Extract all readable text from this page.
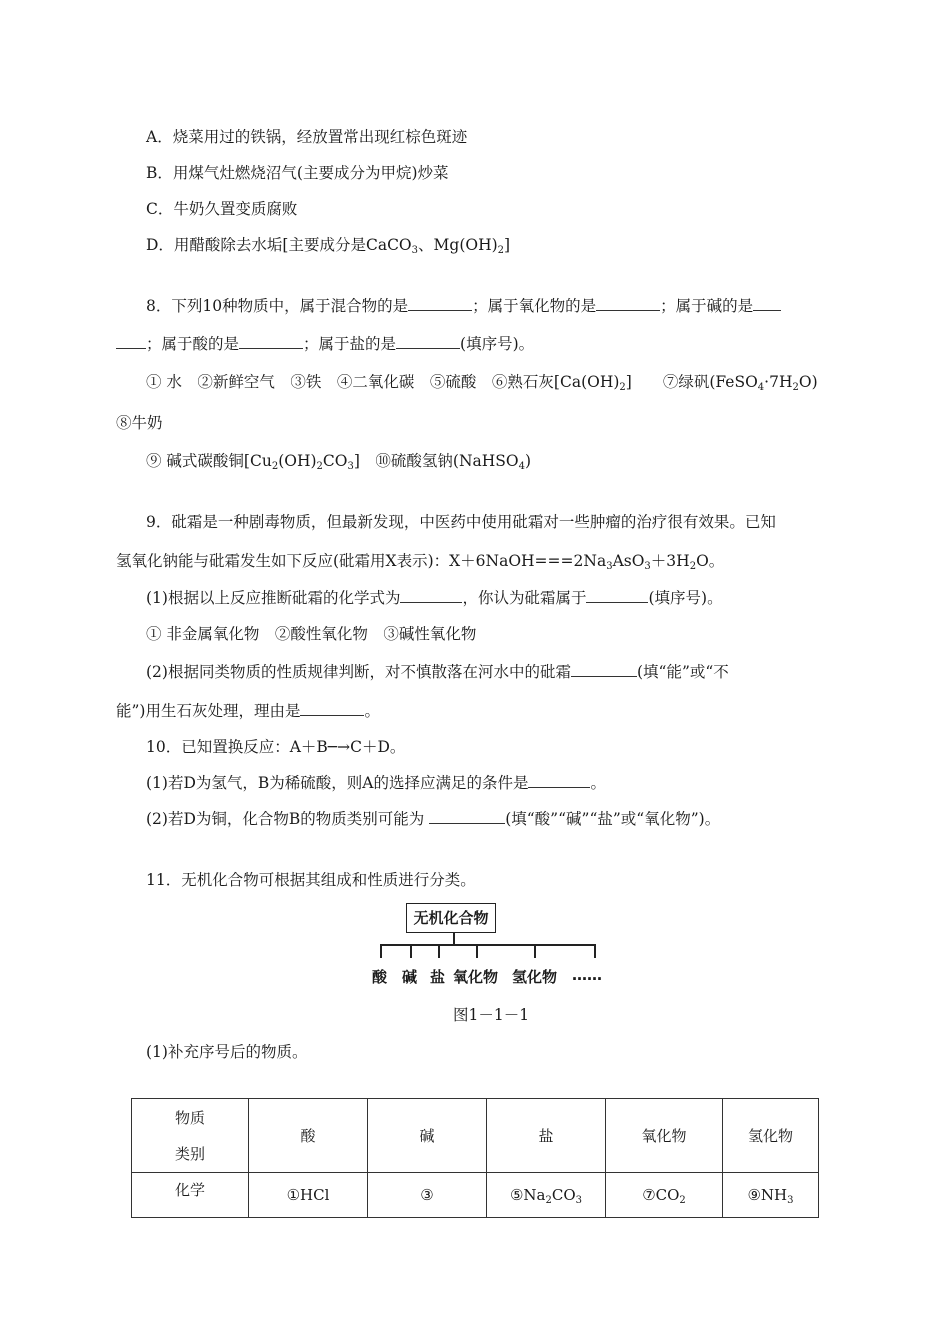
A．烧菜用过的铁锅，经放置常出现红棕色斑迹
B．用煤气灶燃烧沼气(主要成分为甲烷)炒菜
C．牛奶久置变质腐败
D．用醋酸除去水垢[主要成分是CaCO$_3$、$Mg(OH)_2$]
8．下列10种物质中，属于混合物的是	；属于氧化物的是	；属于碱的是
；属于酸的是	；属于盐的是	(填序号)。
① 水　②新鲜空气　③铁　④二氧化碳　⑤硫酸　⑥熟石灰$[Ca(OH)_2]$　　⑦绿矾$(FeSO_4\cdot 7H_2O)$
⑧牛奶
⑨ 碱式碳酸铜$[Cu_2(OH)_2CO_3]$　⑩硫酸氢钠(NaHSO$_4$)
9．砒霜是一种剧毒物质，但最新发现，中医药中使用砒霜对一些肿瘤的治疗很有效果。已知
氢氧化钠能与砒霜发生如下反应(砒霜用X表示)：$X+6NaOH===2Na_3AsO_3+3H_2O$。
(1)根据以上反应推断砒霜的化学式为	，你认为砒霜属于	(填序号)。
① 非金属氧化物　②酸性氧化物　③碱性氧化物
(2)根据同类物质的性质规律判断，对不慎散落在河水中的砒霜	(填“能”或“不
能”)用生石灰处理，理由是	。
10．已知置换反应：A＋B─→C＋D。
(1)若D为氢气，B为稀硫酸，则A的选择应满足的条件是	。
(2)若D为铜，化合物B的物质类别可能为	(填“酸”“碱”“盐”或“氧化物”)。
11．无机化合物可根据其组成和性质进行分类。
无机化合物
酸 碱 盐 氧化物 氢化物 ……
图1－1－1
(1)补充序号后的物质。
物质
类别	酸	碱	盐	氧化物	氢化物
化学	①HCl	③	$⑤Na_2CO_3$	$⑦CO_2$	$⑨NH_3$
